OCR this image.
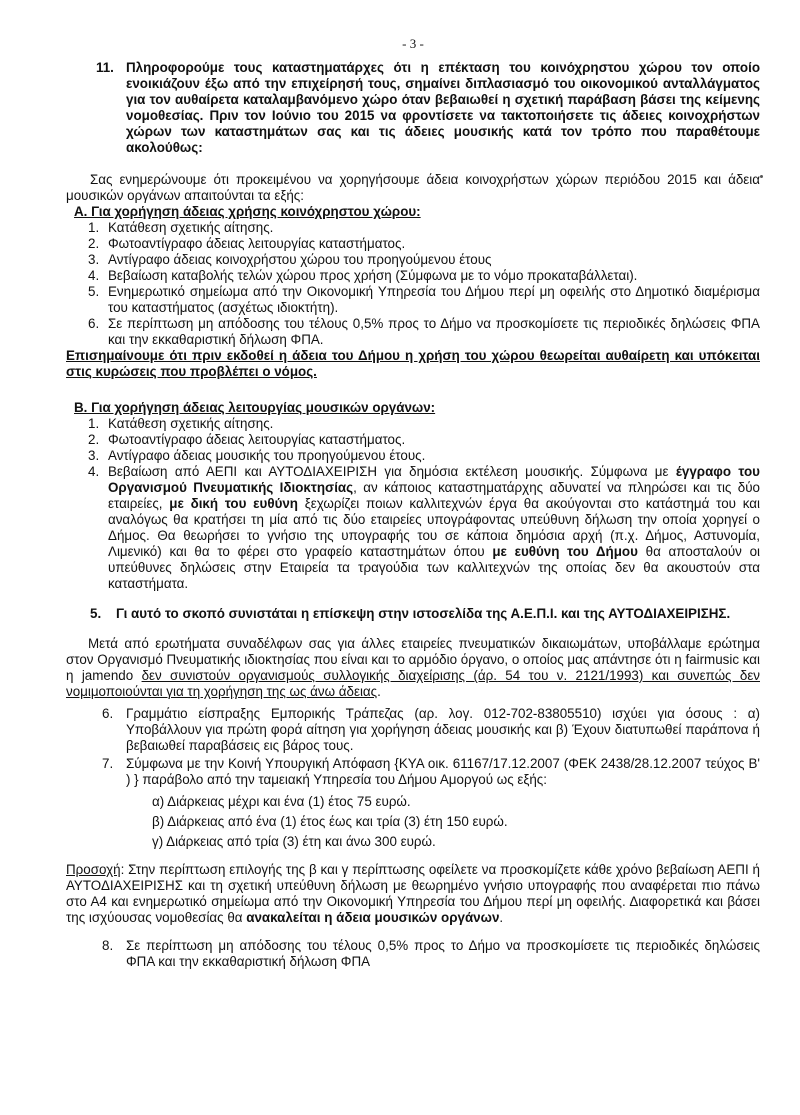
- 3 -
11. Πληροφορούμε τους καταστηματάρχες ότι η επέκταση του κοινόχρηστου χώρου τον οποίο ενοικιάζουν έξω από την επιχείρησή τους, σημαίνει διπλασιασμό του οικονομικού ανταλλάγματος για τον αυθαίρετα καταλαμβανόμενο χώρο όταν βεβαιωθεί η σχετική παράβαση βάσει της κείμενης νομοθεσίας. Πριν τον Ιούνιο του 2015 να φροντίσετε να τακτοποιήσετε τις άδειες κοινοχρήστων χώρων των καταστημάτων σας και τις άδειες μουσικής κατά τον τρόπο που παραθέτουμε ακολούθως:

Σας ενημερώνουμε ότι προκειμένου να χορηγήσουμε άδεια κοινοχρήστων χώρων περιόδου 2015 και άδεια μουσικών οργάνων απαιτούνται τα εξής:

Α. Για χορήγηση άδειας χρήσης κοινόχρηστου χώρου:
1. Κατάθεση σχετικής αίτησης.
2. Φωτοαντίγραφο άδειας λειτουργίας καταστήματος.
3. Αντίγραφο άδειας κοινοχρήστου χώρου του προηγούμενου έτους
4. Βεβαίωση καταβολής τελών χώρου προς χρήση (Σύμφωνα με το νόμο προκαταβάλλεται).
5. Ενημερωτικό σημείωμα από την Οικονομική Υπηρεσία του Δήμου περί μη οφειλής στο Δημοτικό διαμέρισμα του καταστήματος (ασχέτως ιδιοκτήτη).
6. Σε περίπτωση μη απόδοσης του τέλους 0,5% προς το Δήμο να προσκομίσετε τις περιοδικές δηλώσεις ΦΠΑ και την εκκαθαριστική δήλωση ΦΠΑ.

Επισημαίνουμε ότι πριν εκδοθεί η άδεια του Δήμου η χρήση του χώρου θεωρείται αυθαίρετη και υπόκειται στις κυρώσεις που προβλέπει ο νόμος.

Β. Για χορήγηση άδειας λειτουργίας μουσικών οργάνων:
1. Κατάθεση σχετικής αίτησης.
2. Φωτοαντίγραφο άδειας λειτουργίας καταστήματος.
3. Αντίγραφο άδειας μουσικής του προηγούμενου έτους.
4. Βεβαίωση από ΑΕΠΙ και ΑΥΤΟΔΙΑΧΕΙΡΙΣΗ για δημόσια εκτέλεση μουσικής. Σύμφωνα με έγγραφο του Οργανισμού Πνευματικής Ιδιοκτησίας, αν κάποιος καταστηματάρχης αδυνατεί να πληρώσει και τις δύο εταιρείες, με δική του ευθύνη ξεχωρίζει ποιων καλλιτεχνών έργα θα ακούγονται στο κατάστημά του και αναλόγως θα κρατήσει τη μία από τις δύο εταιρείες υπογράφοντας υπεύθυνη δήλωση την οποία χορηγεί ο Δήμος. Θα θεωρήσει το γνήσιο της υπογραφής του σε κάποια δημόσια αρχή (π.χ. Δήμος, Αστυνομία, Λιμενικό) και θα το φέρει στο γραφείο καταστημάτων όπου με ευθύνη του Δήμου θα αποσταλούν οι υπεύθυνες δηλώσεις στην Εταιρεία τα τραγούδια των καλλιτεχνών της οποίας δεν θα ακουστούν στα καταστήματα.
5.	Γι αυτό το σκοπό συνιστάται η επίσκεψη στην ιστοσελίδα της Α.Ε.Π.Ι. και της ΑΥΤΟΔΙΑΧΕΙΡΙΣΗΣ.

Μετά από ερωτήματα συναδέλφων σας για άλλες εταιρείες πνευματικών δικαιωμάτων, υποβάλλαμε ερώτημα στον Οργανισμό Πνευματικής ιδιοκτησίας που είναι και το αρμόδιο όργανο, ο οποίος μας απάντησε ότι η fairmusic και η jamendo δεν συνιστούν οργανισμούς συλλογικής διαχείρισης (άρ. 54 του ν. 2121/1993) και συνεπώς δεν νομιμοποιούνται για τη χορήγηση της ως άνω άδειας.

6. Γραμμάτιο είσπραξης Εμπορικής Τράπεζας (αρ. λογ. 012-702-83805510) ισχύει για όσους : α) Υποβάλλουν για πρώτη φορά αίτηση για χορήγηση άδειας μουσικής και β) Έχουν διατυπωθεί παράπονα ή βεβαιωθεί παραβάσεις εις βάρος τους.
7. Σύμφωνα με την Κοινή Υπουργική Απόφαση {ΚΥΑ οικ. 61167/17.12.2007 (ΦΕΚ 2438/28.12.2007 τεύχος Β' ) } παράβολο από την ταμειακή Υπηρεσία του Δήμου Αμοργού ως εξής:
α) Διάρκειας μέχρι και ένα (1) έτος 75 ευρώ.
β) Διάρκειας από ένα (1) έτος έως και τρία (3) έτη 150 ευρώ.
γ) Διάρκειας από τρία (3) έτη και άνω 300 ευρώ.

Προσοχή: Στην περίπτωση επιλογής της β και γ περίπτωσης οφείλετε να προσκομίζετε κάθε χρόνο βεβαίωση ΑΕΠΙ ή ΑΥΤΟΔΙΑΧΕΙΡΙΣΗΣ και τη σχετική υπεύθυνη δήλωση με θεωρημένο γνήσιο υπογραφής που αναφέρεται πιο πάνω στο Α4 και ενημερωτικό σημείωμα από την Οικονομική Υπηρεσία του Δήμου περί μη οφειλής. Διαφορετικά και βάσει της ισχύουσας νομοθεσίας θα ανακαλείται η άδεια μουσικών οργάνων.

8. Σε περίπτωση μη απόδοσης του τέλους 0,5% προς το Δήμο να προσκομίσετε τις περιοδικές δηλώσεις ΦΠΑ και την εκκαθαριστική δήλωση ΦΠΑ
